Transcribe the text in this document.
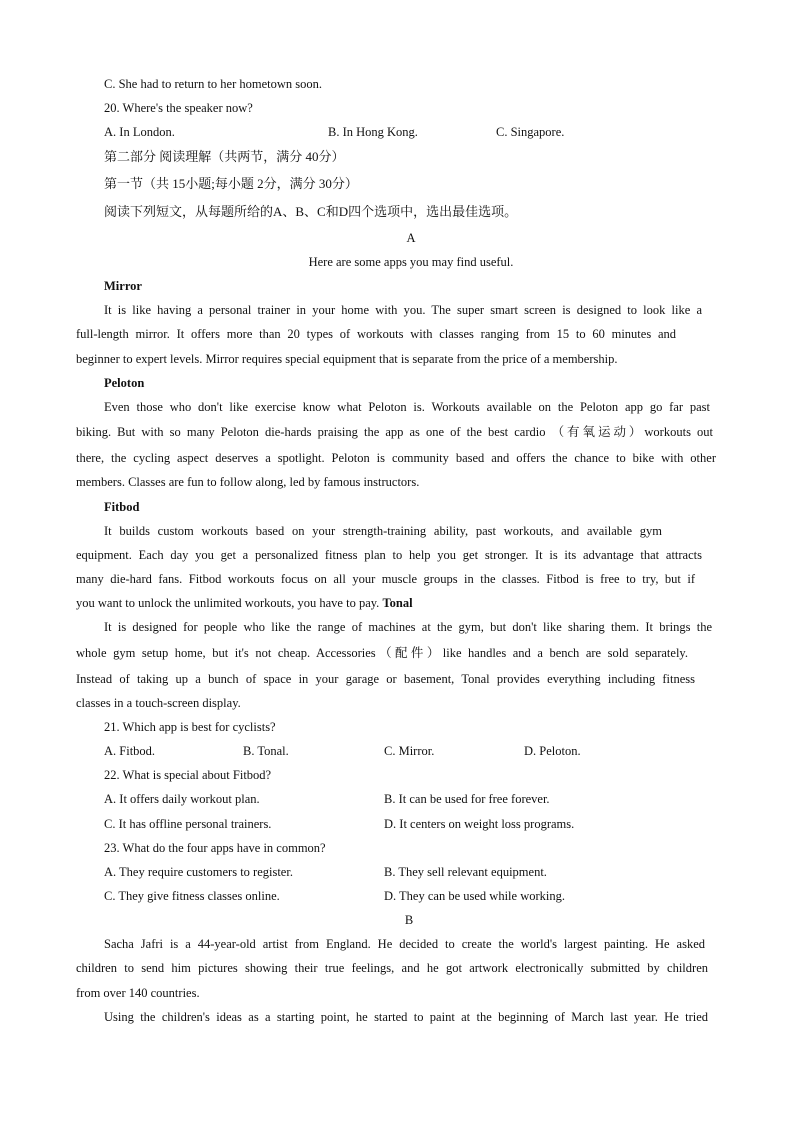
C. She had to return to her hometown soon.
20. Where's the speaker now?
A. In London.	B. In Hong Kong.	C. Singapore.
第二部分 阅读理解（共两节，满分 40分）
第一节（共 15小题;每小题 2分，满分 30分）
阅读下列短文，从每题所给的A、B、C和D四个选项中，选出最佳选项。
A
Here are some apps you may find useful.
Mirror
It is like having a personal trainer in your home with you. The super smart screen is designed to look like a
full-length mirror. It offers more than 20 types of workouts with classes ranging from 15 to 60 minutes and
beginner to expert levels. Mirror requires special equipment that is separate from the price of a membership.
Peloton
Even those who don't like exercise know what Peloton is. Workouts available on the Peloton app go far past
biking. But with so many Peloton die-hards praising the app as one of the best cardio （有氧运动）workouts out
there, the cycling aspect deserves a spotlight. Peloton is community based and offers the chance to bike with other
members. Classes are fun to follow along, led by famous instructors.
Fitbod
It builds custom workouts based on your strength-training ability, past workouts, and available gym
equipment. Each day you get a personalized fitness plan to help you get stronger. It is its advantage that attracts
many die-hard fans. Fitbod workouts focus on all your muscle groups in the classes. Fitbod is free to try, but if
you want to unlock the unlimited workouts, you have to pay. Tonal
It is designed for people who like the range of machines at the gym, but don't like sharing them. It brings the
whole gym setup home, but it's not cheap. Accessories（配件）like handles and a bench are sold separately.
Instead of taking up a bunch of space in your garage or basement, Tonal provides everything including fitness
classes in a touch-screen display.
21. Which app is best for cyclists?
A. Fitbod.	B. Tonal.	C. Mirror.	D. Peloton.
22. What is special about Fitbod?
A. It offers daily workout plan.	B. It can be used for free forever.
C. It has offline personal trainers.	D. It centers on weight loss programs.
23. What do the four apps have in common?
A. They require customers to register.	B. They sell relevant equipment.
C. They give fitness classes online.	D. They can be used while working.
B
Sacha Jafri is a 44-year-old artist from England. He decided to create the world's largest painting. He asked
children to send him pictures showing their true feelings, and he got artwork electronically submitted by children
from over 140 countries.
Using the children's ideas as a starting point, he started to paint at the beginning of March last year. He tried
